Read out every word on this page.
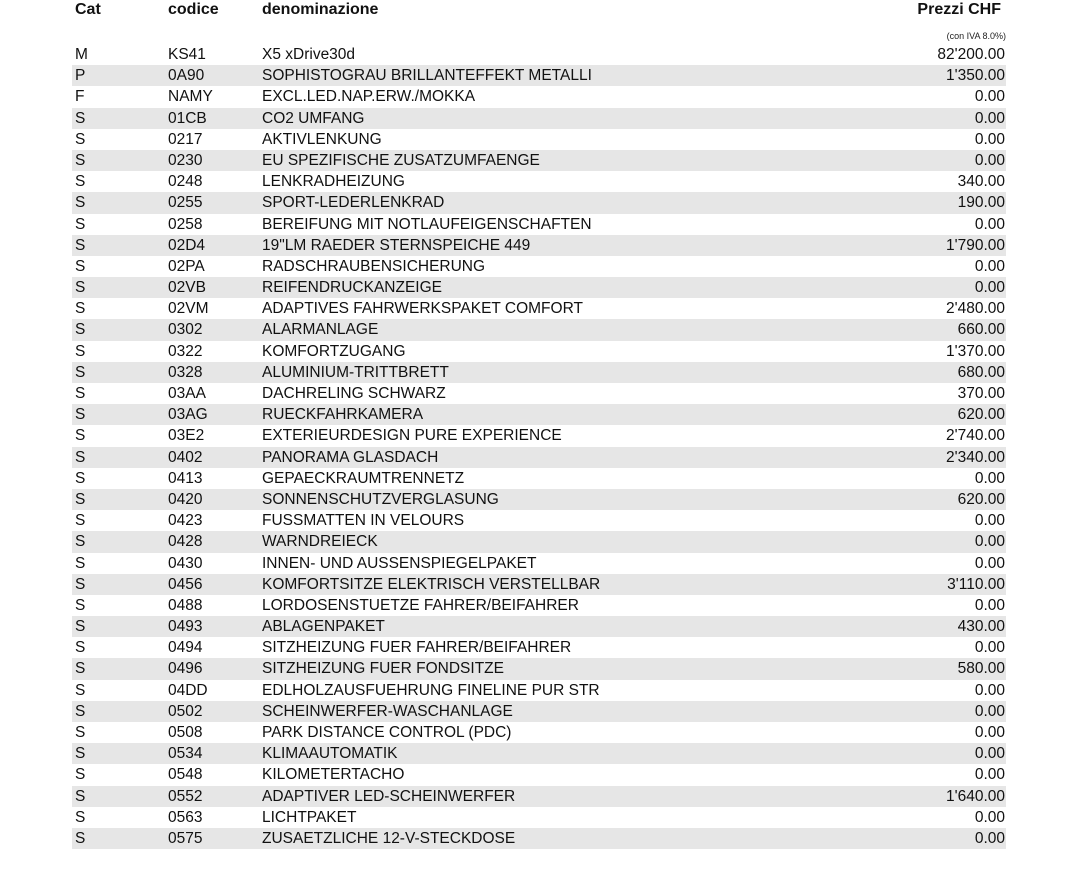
Cat	codice	denominazione	Prezzi CHF
(con IVA 8.0%)
M	KS41	X5 xDrive30d	82'200.00
P	0A90	SOPHISTOGRAU BRILLANTEFFEKT METALLI	1'350.00
F	NAMY	EXCL.LED.NAP.ERW./MOKKA	0.00
S	01CB	CO2 UMFANG	0.00
S	0217	AKTIVLENKUNG	0.00
S	0230	EU SPEZIFISCHE ZUSATZUMFAENGE	0.00
S	0248	LENKRADHEIZUNG	340.00
S	0255	SPORT-LEDERLENKRAD	190.00
S	0258	BEREIFUNG MIT NOTLAUFEIGENSCHAFTEN	0.00
S	02D4	19"LM RAEDER STERNSPEICHE 449	1'790.00
S	02PA	RADSCHRAUBENSICHERUNG	0.00
S	02VB	REIFENDRUCKANZEIGE	0.00
S	02VM	ADAPTIVES FAHRWERKSPAKET COMFORT	2'480.00
S	0302	ALARMANLAGE	660.00
S	0322	KOMFORTZUGANG	1'370.00
S	0328	ALUMINIUM-TRITTBRETT	680.00
S	03AA	DACHRELING SCHWARZ	370.00
S	03AG	RUECKFAHRKAMERA	620.00
S	03E2	EXTERIEURDESIGN PURE EXPERIENCE	2'740.00
S	0402	PANORAMA GLASDACH	2'340.00
S	0413	GEPAECKRAUMTRENNETZ	0.00
S	0420	SONNENSCHUTZVERGLASUNG	620.00
S	0423	FUSSMATTEN IN VELOURS	0.00
S	0428	WARNDREIECK	0.00
S	0430	INNEN- UND AUSSENSPIEGELPAKET	0.00
S	0456	KOMFORTSITZE ELEKTRISCH VERSTELLBAR	3'110.00
S	0488	LORDOSENSTUETZE FAHRER/BEIFAHRER	0.00
S	0493	ABLAGENPAKET	430.00
S	0494	SITZHEIZUNG FUER FAHRER/BEIFAHRER	0.00
S	0496	SITZHEIZUNG FUER FONDSITZE	580.00
S	04DD	EDLHOLZAUSFUEHRUNG FINELINE PUR STR	0.00
S	0502	SCHEINWERFER-WASCHANLAGE	0.00
S	0508	PARK DISTANCE CONTROL (PDC)	0.00
S	0534	KLIMAAUTOMATIK	0.00
S	0548	KILOMETERTACHO	0.00
S	0552	ADAPTIVER LED-SCHEINWERFER	1'640.00
S	0563	LICHTPAKET	0.00
S	0575	ZUSAETZLICHE 12-V-STECKDOSE	0.00
